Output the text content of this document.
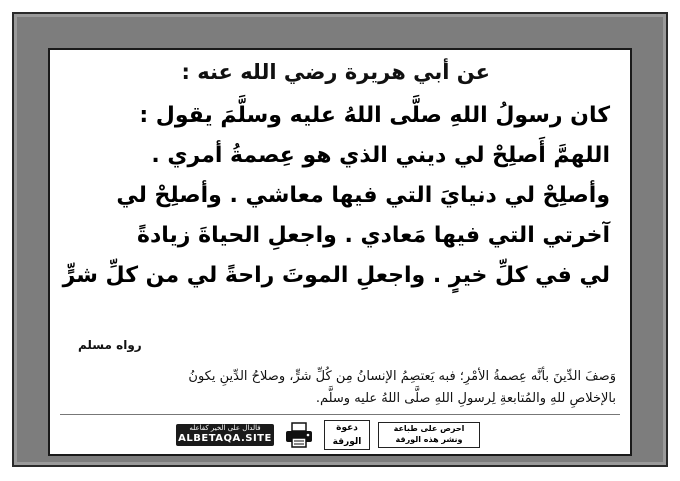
عن أبي هريرة رضي الله عنه :
كان رسولُ اللهِ صلَّى اللهُ عليه وسلَّمَ يقول :
اللهمَّ أَصلِحْ لي ديني الذي هو عِصمةُ أمري .
وأصلِحْ لي دنيايَ التي فيها معاشي . وأصلِحْ لي
آخرتي التي فيها مَعادي . واجعلِ الحياةَ زيادةً
لي في كلِّ خيرٍ . واجعلِ الموتَ راحةً لي من كلِّ شرٍّ
رواه مسلم
وَصفَ الدِّينَ بأنَّه عِصمةُ الأمْرِ؛ فبه يَعتصِمُ الإنسانُ مِن كُلِّ شرٍّ، وصلاحُ الدِّينِ يكونُ
بالإخلاصِ للهِ والمُتابعةِ لِرسولِ اللهِ صلَّى اللهُ عليه وسلَّم.
فالدال على الخير كفاعله
ALBETAQA.SITE
دعوة
الورقة
احرص على طباعة
ونشر هذه الورقة
